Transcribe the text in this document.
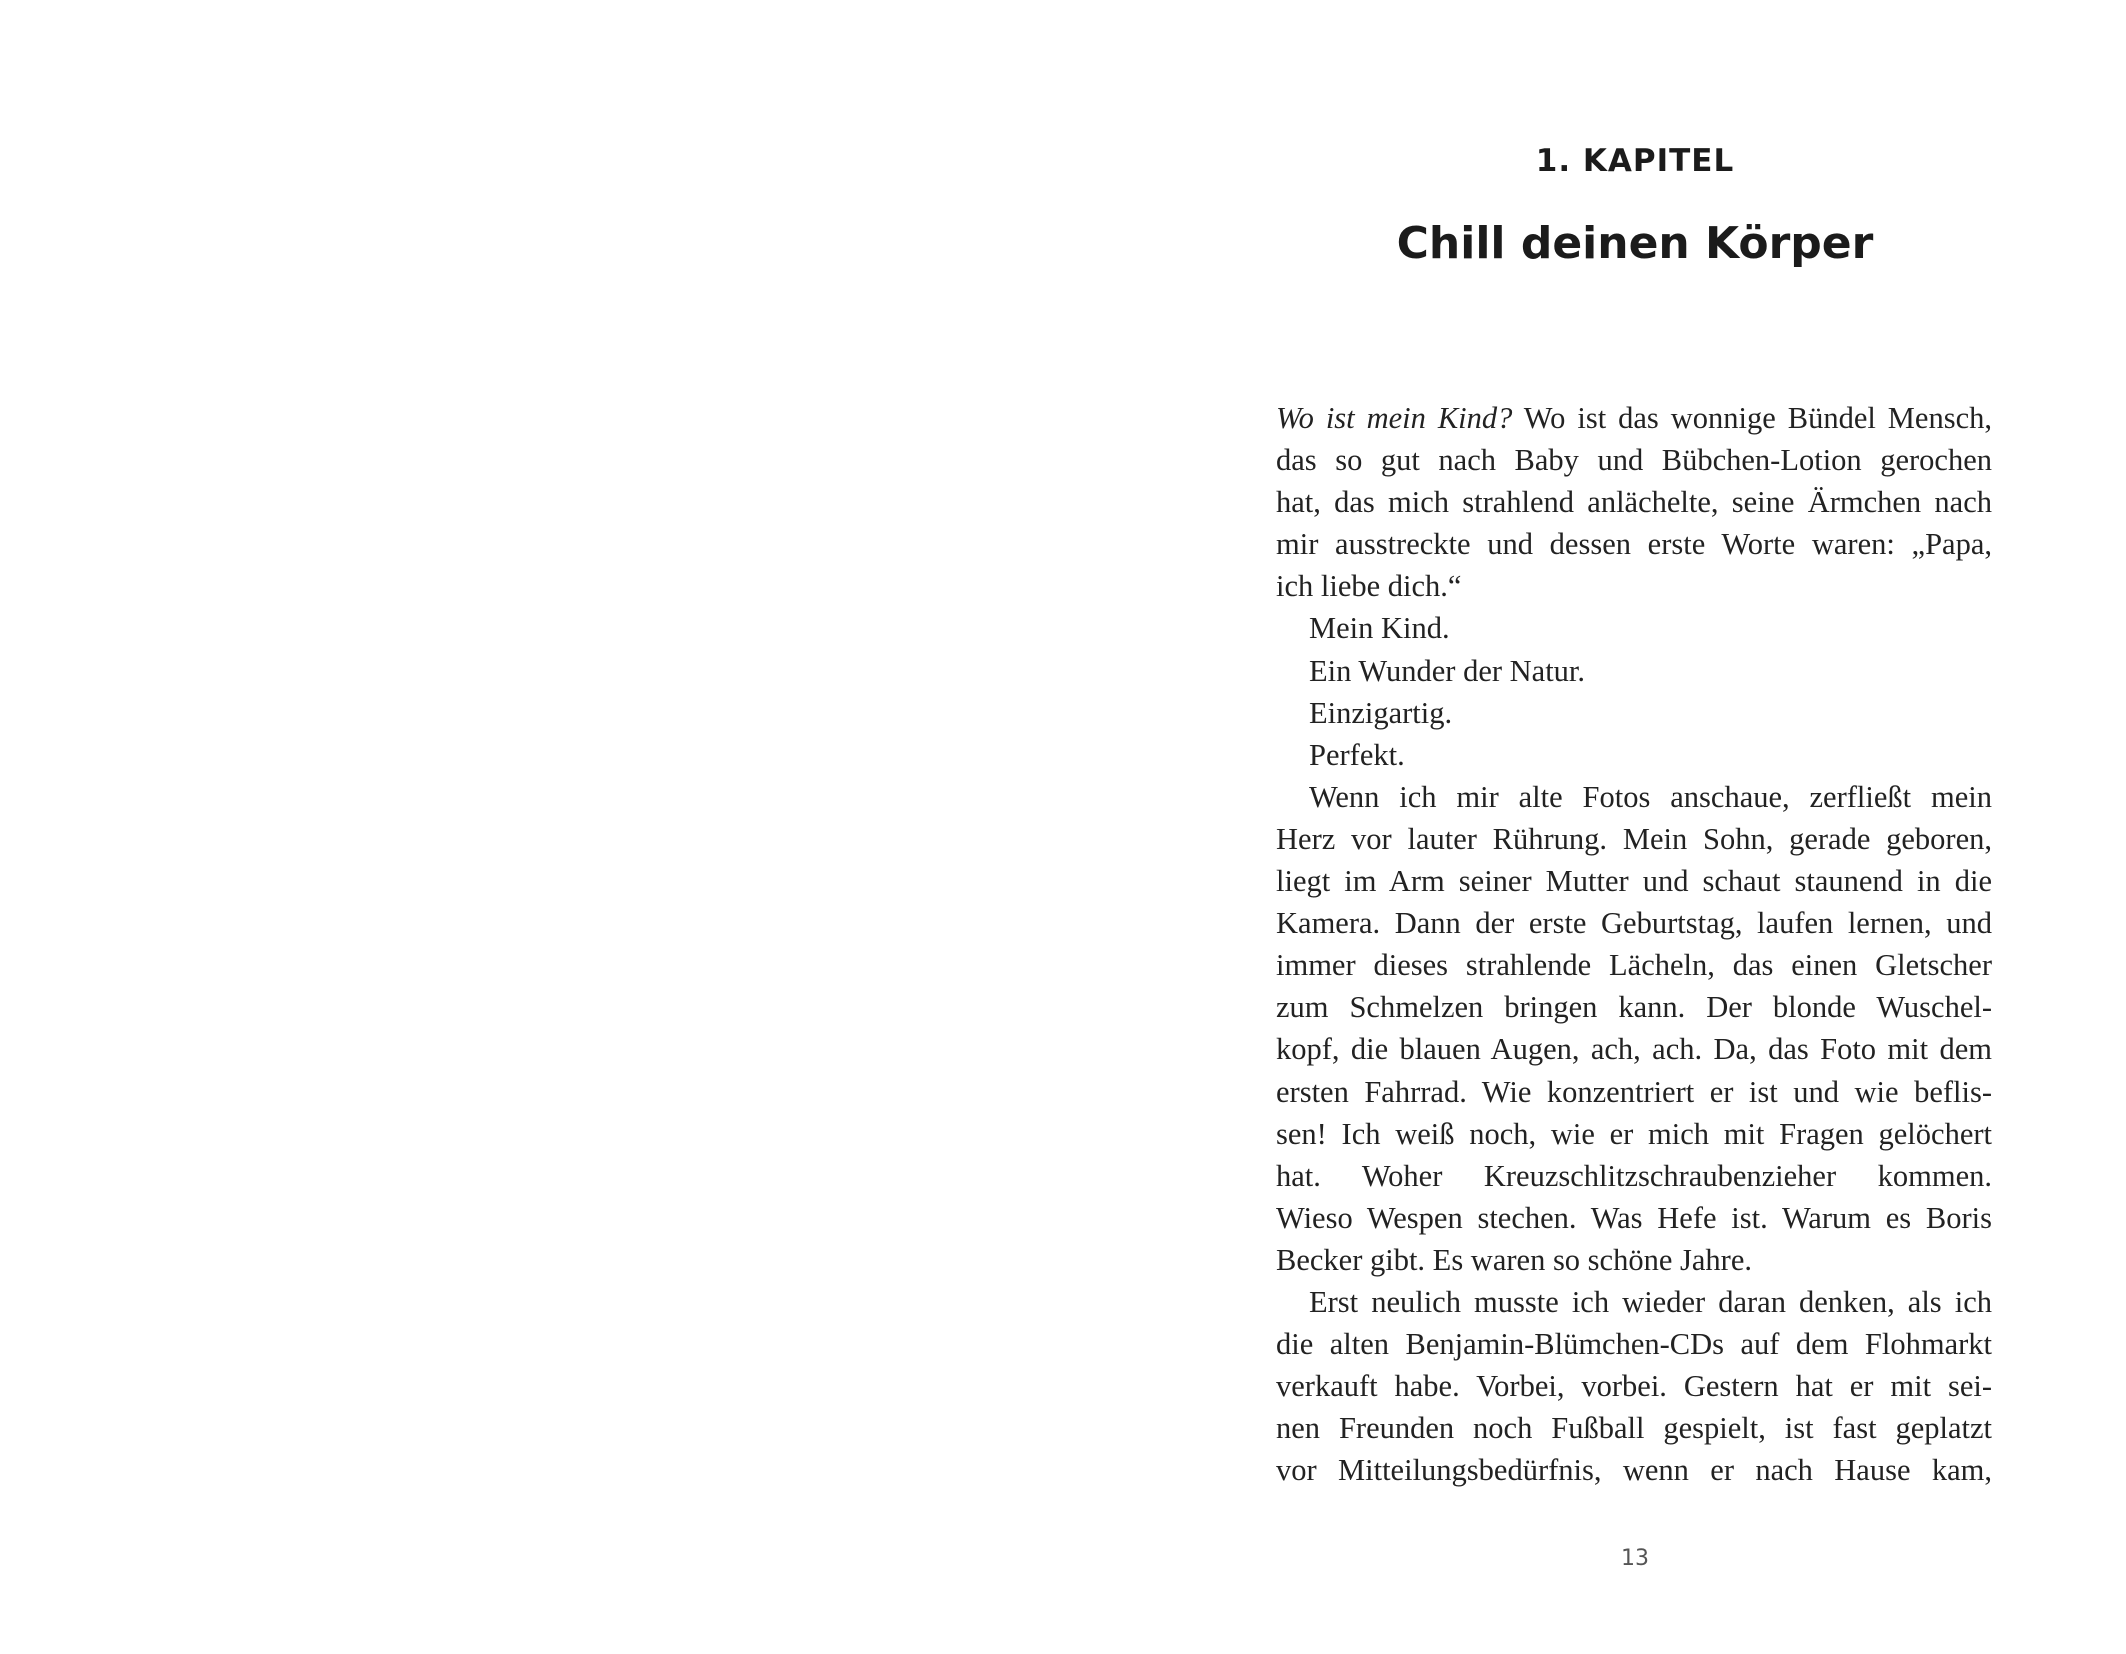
1. KAPITEL
Chill deinen Körper
Wo ist mein Kind? Wo ist das wonnige Bündel Mensch,
das so gut nach Baby und Bübchen-Lotion gerochen
hat, das mich strahlend anlächelte, seine Ärmchen nach
mir ausstreckte und dessen erste Worte waren: „Papa,
ich liebe dich.“
Mein Kind.
Ein Wunder der Natur.
Einzigartig.
Perfekt.
Wenn ich mir alte Fotos anschaue, zerfließt mein
Herz vor lauter Rührung. Mein Sohn, gerade geboren,
liegt im Arm seiner Mutter und schaut staunend in die
Kamera. Dann der erste Geburtstag, laufen lernen, und
immer dieses strahlende Lächeln, das einen Gletscher
zum Schmelzen bringen kann. Der blonde Wuschel-
kopf, die blauen Augen, ach, ach. Da, das Foto mit dem
ersten Fahrrad. Wie konzentriert er ist und wie beflis-
sen! Ich weiß noch, wie er mich mit Fragen gelöchert
hat. Woher Kreuzschlitzschraubenzieher kommen.
Wieso Wespen stechen. Was Hefe ist. Warum es Boris
Becker gibt. Es waren so schöne Jahre.
Erst neulich musste ich wieder daran denken, als ich
die alten Benjamin-Blümchen-CDs auf dem Flohmarkt
verkauft habe. Vorbei, vorbei. Gestern hat er mit sei-
nen Freunden noch Fußball gespielt, ist fast geplatzt
vor Mitteilungsbedürfnis, wenn er nach Hause kam,
13
